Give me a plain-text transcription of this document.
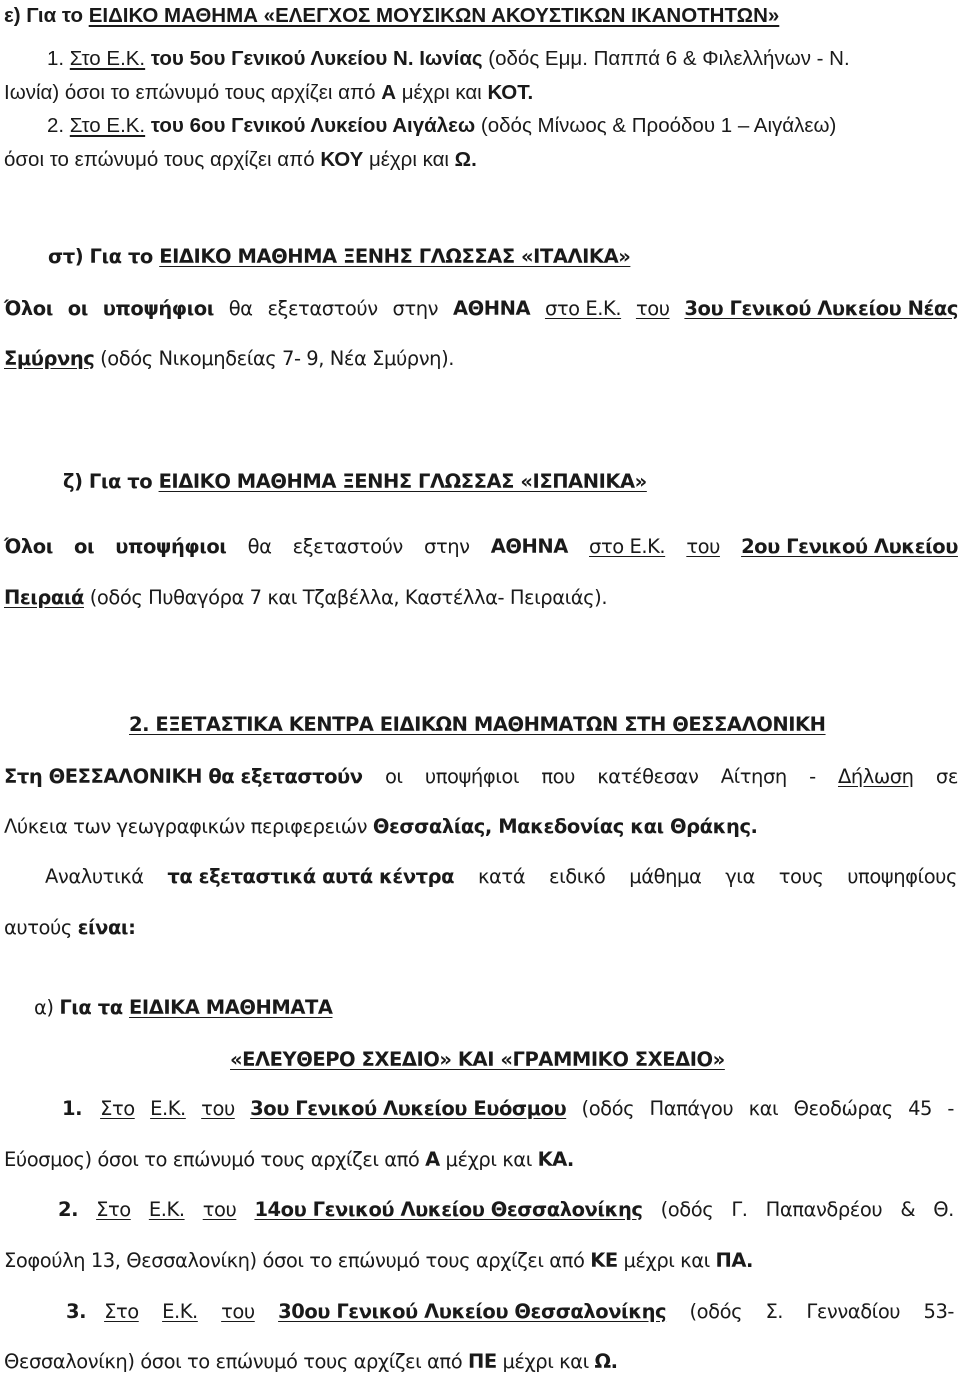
ε) Για το ΕΙΔΙΚΟ ΜΑΘΗΜΑ «ΕΛΕΓΧΟΣ ΜΟΥΣΙΚΩΝ ΑΚΟΥΣΤΙΚΩΝ ΙΚΑΝΟΤΗΤΩΝ»
1. Στο Ε.Κ. του 5ου Γενικού Λυκείου Ν. Ιωνίας (οδός Εμμ. Παππά 6 & Φιλελλήνων - Ν.
Ιωνία) όσοι το επώνυμό τους αρχίζει από Α μέχρι και ΚΟΤ.
2. Στο Ε.Κ. του 6ου Γενικού Λυκείου Αιγάλεω (οδός Μίνωος & Προόδου 1 – Αιγάλεω)
όσοι το επώνυμό τους αρχίζει από ΚΟΥ μέχρι και Ω.
στ) Για το ΕΙΔΙΚΟ ΜΑΘΗΜΑ ΞΕΝΗΣ ΓΛΩΣΣΑΣ «ΙΤΑΛΙΚΑ»
Όλοι οι υποψήφιοι θα εξεταστούν στην ΑΘΗΝΑ στο Ε.Κ. του 3ου Γενικού Λυκείου Νέας
Σμύρνης (οδός Νικομηδείας 7- 9, Νέα Σμύρνη).
ζ) Για το ΕΙΔΙΚΟ ΜΑΘΗΜΑ ΞΕΝΗΣ ΓΛΩΣΣΑΣ «ΙΣΠΑΝΙΚΑ»
Όλοι οι υποψήφιοι θα εξεταστούν στην ΑΘΗΝΑ στο Ε.Κ. του 2ου Γενικού Λυκείου
Πειραιά (οδός Πυθαγόρα 7 και Τζαβέλλα, Καστέλλα- Πειραιάς).
2. ΕΞΕΤΑΣΤΙΚΑ ΚΕΝΤΡΑ ΕΙΔΙΚΩΝ ΜΑΘΗΜΑΤΩΝ ΣΤΗ ΘΕΣΣΑΛΟΝΙΚΗ
Στη ΘΕΣΣΑΛΟΝΙΚΗ θα εξεταστούν οι υποψήφιοι που κατέθεσαν Αίτηση - Δήλωση σε
Λύκεια των γεωγραφικών περιφερειών Θεσσαλίας, Μακεδονίας και Θράκης.
Αναλυτικά τα εξεταστικά αυτά κέντρα κατά ειδικό μάθημα για τους υποψηφίους
αυτούς είναι:
α) Για τα ΕΙΔΙΚΑ ΜΑΘΗΜΑΤΑ
«ΕΛΕΥΘΕΡΟ ΣΧΕΔΙΟ» ΚΑΙ «ΓΡΑΜΜΙΚΟ ΣΧΕΔΙΟ»
1. Στο Ε.Κ. του 3ου Γενικού Λυκείου Ευόσμου (οδός Παπάγου και Θεοδώρας 45 -
Εύοσμος) όσοι το επώνυμό τους αρχίζει από Α μέχρι και ΚΑ.
2. Στο Ε.Κ. του 14ου Γενικού Λυκείου Θεσσαλονίκης (οδός Γ. Παπανδρέου & Θ.
Σοφούλη 13, Θεσσαλονίκη) όσοι το επώνυμό τους αρχίζει από ΚΕ μέχρι και ΠΑ.
3. Στο Ε.Κ. του 30ου Γενικού Λυκείου Θεσσαλονίκης (οδός Σ. Γενναδίου 53-
Θεσσαλονίκη) όσοι το επώνυμό τους αρχίζει από ΠΕ μέχρι και Ω.
